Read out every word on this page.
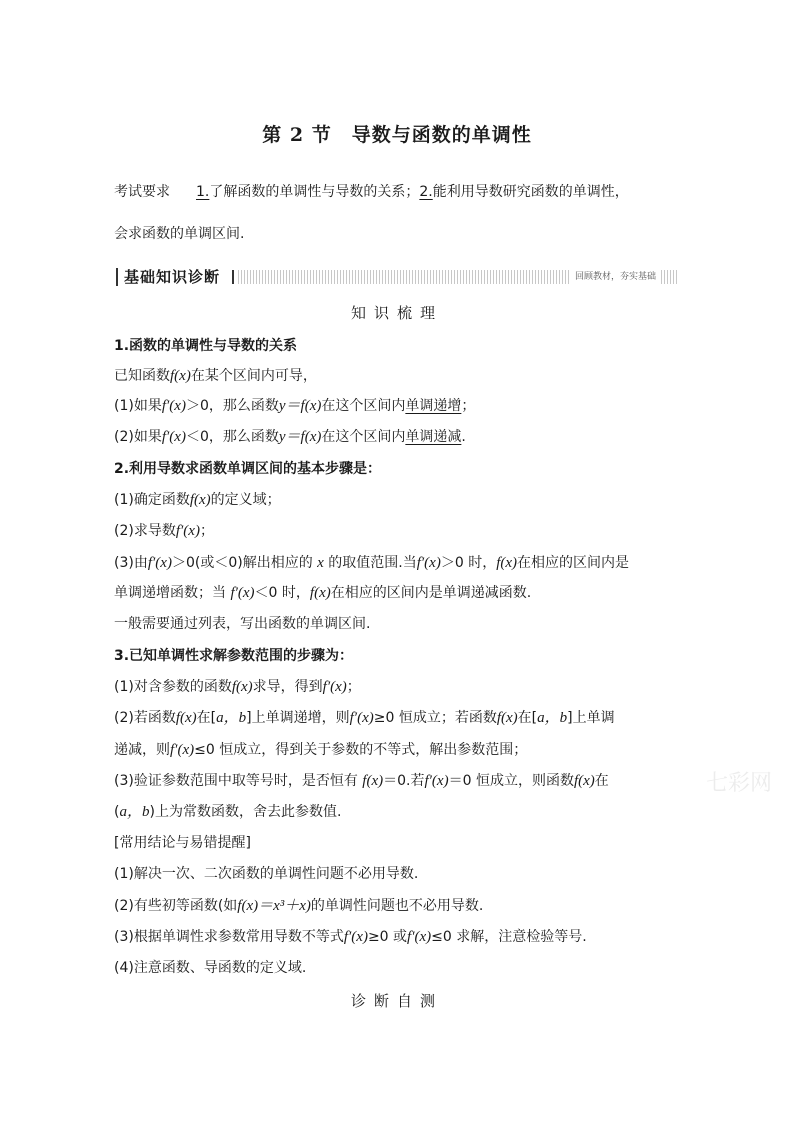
第 2 节　导数与函数的单调性
考试要求 1.了解函数的单调性与导数的关系；2.能利用导数研究函数的单调性，
会求函数的单调区间.
基础知识诊断	回顾教材，夯实基础
知识梳理
1.函数的单调性与导数的关系
已知函数f(x)在某个区间内可导，
(1)如果f′(x)＞0，那么函数y＝f(x)在这个区间内单调递增；
(2)如果f′(x)＜0，那么函数y＝f(x)在这个区间内单调递减.
2.利用导数求函数单调区间的基本步骤是：
(1)确定函数f(x)的定义域；
(2)求导数f′(x)；
(3)由f′(x)＞0(或＜0)解出相应的 x 的取值范围.当f′(x)＞0 时，f(x)在相应的区间内是
单调递增函数；当 f′(x)＜0 时，f(x)在相应的区间内是单调递减函数.
一般需要通过列表，写出函数的单调区间.
3.已知单调性求解参数范围的步骤为：
(1)对含参数的函数f(x)求导，得到f′(x)；
(2)若函数f(x)在[a，b]上单调递增，则f′(x)≥0 恒成立；若函数f(x)在[a，b]上单调
递减，则f′(x)≤0 恒成立，得到关于参数的不等式，解出参数范围；
(3)验证参数范围中取等号时，是否恒有 f(x)＝0.若f′(x)＝0 恒成立，则函数f(x)在
(a，b)上为常数函数，舍去此参数值.
[常用结论与易错提醒]
(1)解决一次、二次函数的单调性问题不必用导数.
(2)有些初等函数(如f(x)＝x³＋x)的单调性问题也不必用导数.
(3)根据单调性求参数常用导数不等式f′(x)≥0 或f′(x)≤0 求解，注意检验等号.
(4)注意函数、导函数的定义域.
诊断自测
七彩网
